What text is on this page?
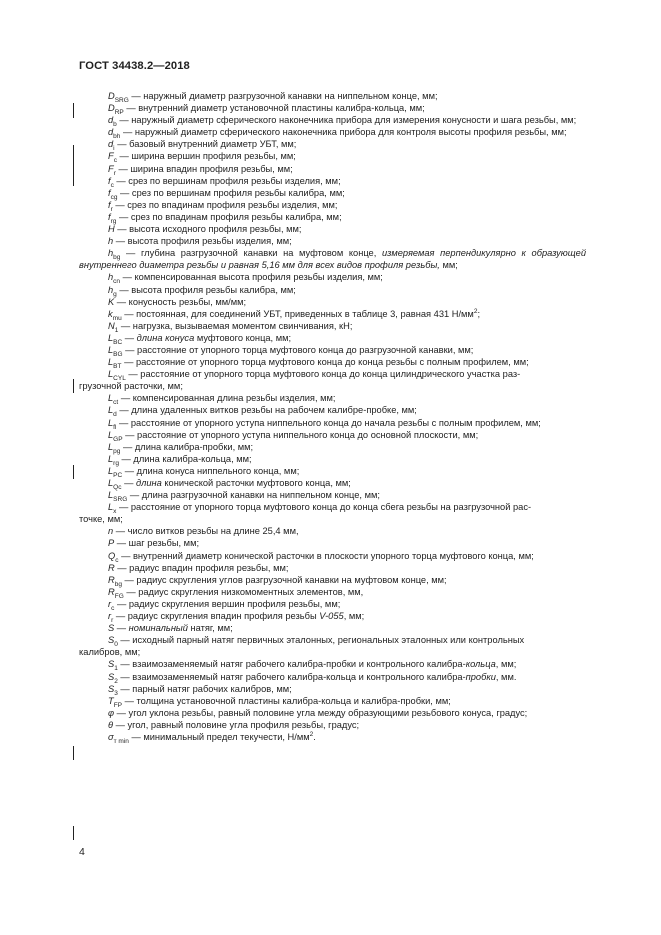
ГОСТ 34438.2—2018

$D_{SRG}$ — наружный диаметр разгрузочной канавки на ниппельном конце, мм;

$D_{RP}$ — внутренний диаметр установочной пластины калибра-кольца, мм;

$d_b$ — наружный диаметр сферического наконечника прибора для измерения конусности и шага резьбы, мм;

$d_{bh}$ — наружный диаметр сферического наконечника прибора для контроля высоты профиля резьбы, мм;

$d_i$ — базовый внутренний диаметр УБТ, мм;

$F_c$ — ширина вершин профиля резьбы, мм;

$F_r$ — ширина впадин профиля резьбы, мм;

$f_c$ — срез по вершинам профиля резьбы изделия, мм;

$f_{cg}$ — срез по вершинам профиля резьбы калибра, мм;

$f_r$ — срез по впадинам профиля резьбы изделия, мм;

$f_{rg}$ — срез по впадинам профиля резьбы калибра, мм;

H — высота исходного профиля резьбы, мм;

h — высота профиля резьбы изделия, мм;

$h_{bg}$ — глубина разгрузочной канавки на муфтовом конце, измеряемая перпендикулярно к образующей внутреннего диаметра резьбы и равная 5,16 мм для всех видов профиля резьбы, мм;

$h_{cn}$ — компенсированная высота профиля резьбы изделия, мм;

$h_g$ — высота профиля резьбы калибра, мм;

K — конусность резьбы, мм/мм;

$k_{mu}$ — постоянная, для соединений УБТ, приведенных в таблице 3, равная 431 $Н/мм^2$;

$N_1$ — нагрузка, вызываемая моментом свинчивания, кН;

$L_{BC}$ — длина конуса муфтового конца, мм;

$L_{BG}$ — расстояние от упорного торца муфтового конца до разгрузочной канавки, мм;

$L_{BT}$ — расстояние от упорного торца муфтового конца до конца резьбы с полным профилем, мм;

$L_{CYL}$ — расстояние от упорного торца муфтового конца до конца цилиндрического участка раз-

грузочной расточки, мм;

$L_{ct}$ — компенсированная длина резьбы изделия, мм;

$L_d$ — длина удаленных витков резьбы на рабочем калибре-пробке, мм;

$L_{fl}$ — расстояние от упорного уступа ниппельного конца до начала резьбы с полным профилем, мм;

$L_{GP}$ — расстояние от упорного уступа ниппельного конца до основной плоскости, мм;

$L_{pg}$ — длина калибра-пробки, мм;

$L_{rg}$ — длина калибра-кольца, мм;

$L_{PC}$ — длина конуса ниппельного конца, мм;

$L_{Qc}$ — длина конической расточки муфтового конца, мм;

$L_{SRG}$ — длина разгрузочной канавки на ниппельном конце, мм;

$L_x$ — расстояние от упорного торца муфтового конца до конца сбега резьбы на разгрузочной рас-

точке, мм;

n — число витков резьбы на длине 25,4 мм,

P — шаг резьбы, мм;

$Q_c$ — внутренний диаметр конической расточки в плоскости упорного торца муфтового конца, мм;

R — радиус впадин профиля резьбы, мм;

$R_{bg}$ — радиус скругления углов разгрузочной канавки на муфтовом конце, мм;

$R_{FG}$ — радиус скругления низкомоментных элементов, мм,

$r_c$ — радиус скругления вершин профиля резьбы, мм;

$r_r$ — радиус скругления впадин профиля резьбы V-055, мм;

S — номинальный натяг, мм;

$S_0$ — исходный парный натяг первичных эталонных, региональных эталонных или контрольных

калибров, мм;

$S_1$ — взаимозаменяемый натяг рабочего калибра-пробки и контрольного калибра-кольца, мм;

$S_2$ — взаимозаменяемый натяг рабочего калибра-кольца и контрольного калибра-пробки, мм.

$S_3$ — парный натяг рабочих калибров, мм;

$T_{FP}$ — толщина установочной пластины калибра-кольца и калибра-пробки, мм;

φ — угол уклона резьбы, равный половине угла между образующими резьбового конуса, градус;

θ — угол, равный половине угла профиля резьбы, градус;

$\sigma_{т min}$ — минимальный предел текучести, $Н/мм^2$.

4
